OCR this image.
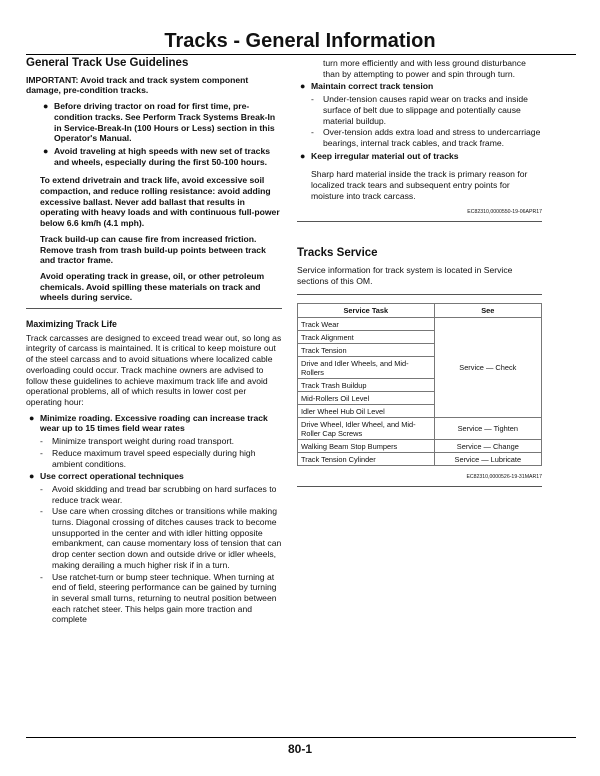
Tracks - General Information
General Track Use Guidelines

IMPORTANT: Avoid track and track system component damage, pre-condition tracks.

● Before driving tractor on road for first time, pre-condition tracks. See Perform Track Systems Break-In in Service-Break-In (100 Hours or Less) section in this Operator's Manual.
● Avoid traveling at high speeds with new set of tracks and wheels, especially during the first 50-100 hours.

To extend drivetrain and track life, avoid excessive soil compaction, and reduce rolling resistance: avoid adding excessive ballast. Never add ballast that results in operating with heavy loads and with continuous full-power below 6.6 km/h (4.1 mph).

Track build-up can cause fire from increased friction. Remove trash from trash build-up points between track and tractor frame.

Avoid operating track in grease, oil, or other petroleum chemicals. Avoid spilling these materials on track and wheels during service.

Maximizing Track Life

Track carcasses are designed to exceed tread wear out, so long as integrity of carcass is maintained. It is critical to keep moisture out of the steel carcass and to avoid situations where localized cable overloading could occur. Track machine owners are advised to follow these guidelines to achieve maximum track life and avoid operational problems, all of which results in lower cost per operating hour:

● Minimize roading. Excessive roading can increase track wear up to 15 times field wear rates
- Minimize transport weight during road transport.
- Reduce maximum travel speed especially during high ambient conditions.
● Use correct operational techniques
- Avoid skidding and tread bar scrubbing on hard surfaces to reduce track wear.
- Use care when crossing ditches or transitions while making turns. Diagonal crossing of ditches causes track to become unsupported in the center and with idler hitting opposite embankment, can cause momentary loss of tension that can drop center section down and outside drive or idler wheels, making derailing a much higher risk if in a turn.
- Use ratchet-turn or bump steer technique. When turning at end of field, steering performance can be gained by turning in several small turns, returning to neutral position between each ratchet steer. This helps gain more traction and complete
turn more efficiently and with less ground disturbance than by attempting to power and spin through turn.
● Maintain correct track tension
- Under-tension causes rapid wear on tracks and inside surface of belt due to slippage and potentially cause material buildup.
- Over-tension adds extra load and stress to undercarriage bearings, internal track cables, and track frame.
● Keep irregular material out of tracks

Sharp hard material inside the track is primary reason for localized track tears and subsequent entry points for moisture into track carcass.

EC82310,0000550-19-06APR17
Tracks Service

Service information for track system is located in Service sections of this OM.

Service Task	See
Track Wear	Service — Check
Track Alignment	
Track Tension	
Drive and Idler Wheels, and Mid-Rollers	
Track Trash Buildup	
Mid-Rollers Oil Level	
Idler Wheel Hub Oil Level	
Drive Wheel, Idler Wheel, and Mid-Roller Cap Screws	Service — Tighten
Walking Beam Stop Bumpers	Service — Change
Track Tension Cylinder	Service — Lubricate
EC82310,0000526-19-31MAR17
80-1
